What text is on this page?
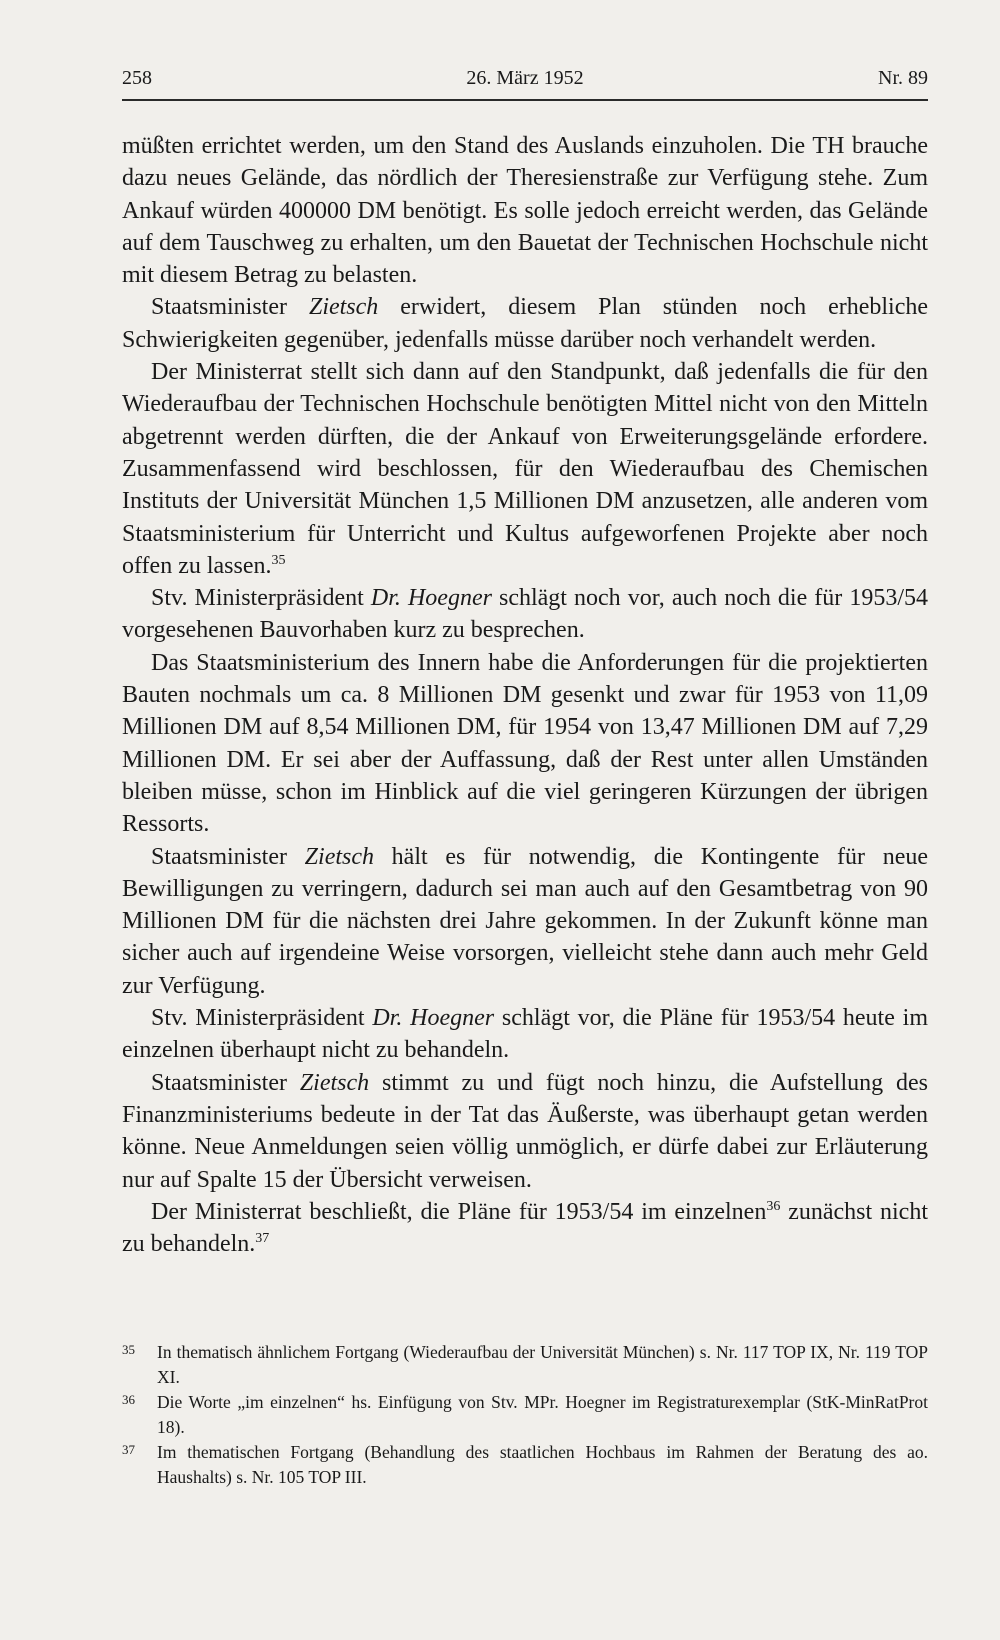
258	26. März 1952	Nr. 89

müßten errichtet werden, um den Stand des Auslands einzuholen. Die TH brauche dazu neues Gelände, das nördlich der Theresienstraße zur Verfügung stehe. Zum Ankauf würden 400000 DM benötigt. Es solle jedoch erreicht werden, das Gelände auf dem Tauschweg zu erhalten, um den Bauetat der Technischen Hochschule nicht mit diesem Betrag zu belasten.

Staatsminister Zietsch erwidert, diesem Plan stünden noch erhebliche Schwierigkeiten gegenüber, jedenfalls müsse darüber noch verhandelt werden.

Der Ministerrat stellt sich dann auf den Standpunkt, daß jedenfalls die für den Wiederaufbau der Technischen Hochschule benötigten Mittel nicht von den Mitteln abgetrennt werden dürften, die der Ankauf von Erweiterungsgelände erfordere. Zusammenfassend wird beschlossen, für den Wiederaufbau des Chemischen Instituts der Universität München 1,5 Millionen DM anzusetzen, alle anderen vom Staatsministerium für Unterricht und Kultus aufgeworfenen Projekte aber noch offen zu lassen.$^{35}$

Stv. Ministerpräsident Dr. Hoegner schlägt noch vor, auch noch die für 1953/54 vorgesehenen Bauvorhaben kurz zu besprechen.

Das Staatsministerium des Innern habe die Anforderungen für die projektierten Bauten nochmals um ca. 8 Millionen DM gesenkt und zwar für 1953 von 11,09 Millionen DM auf 8,54 Millionen DM, für 1954 von 13,47 Millionen DM auf 7,29 Millionen DM. Er sei aber der Auffassung, daß der Rest unter allen Umständen bleiben müsse, schon im Hinblick auf die viel geringeren Kürzungen der übrigen Ressorts.

Staatsminister Zietsch hält es für notwendig, die Kontingente für neue Bewilligungen zu verringern, dadurch sei man auch auf den Gesamtbetrag von 90 Millionen DM für die nächsten drei Jahre gekommen. In der Zukunft könne man sicher auch auf irgendeine Weise vorsorgen, vielleicht stehe dann auch mehr Geld zur Verfügung.

Stv. Ministerpräsident Dr. Hoegner schlägt vor, die Pläne für 1953/54 heute im einzelnen überhaupt nicht zu behandeln.

Staatsminister Zietsch stimmt zu und fügt noch hinzu, die Aufstellung des Finanzministeriums bedeute in der Tat das Äußerste, was überhaupt getan werden könne. Neue Anmeldungen seien völlig unmöglich, er dürfe dabei zur Erläuterung nur auf Spalte 15 der Übersicht verweisen.

Der Ministerrat beschließt, die Pläne für 1953/54 im einzelnen$^{36}$ zunächst nicht zu behandeln.$^{37}$

35	In thematisch ähnlichem Fortgang (Wiederaufbau der Universität München) s. Nr. 117 TOP IX, Nr. 119 TOP XI.
36	Die Worte „im einzelnen“ hs. Einfügung von Stv. MPr. Hoegner im Registraturexemplar (StK-MinRatProt 18).
37	Im thematischen Fortgang (Behandlung des staatlichen Hochbaus im Rahmen der Beratung des ao. Haushalts) s. Nr. 105 TOP III.
